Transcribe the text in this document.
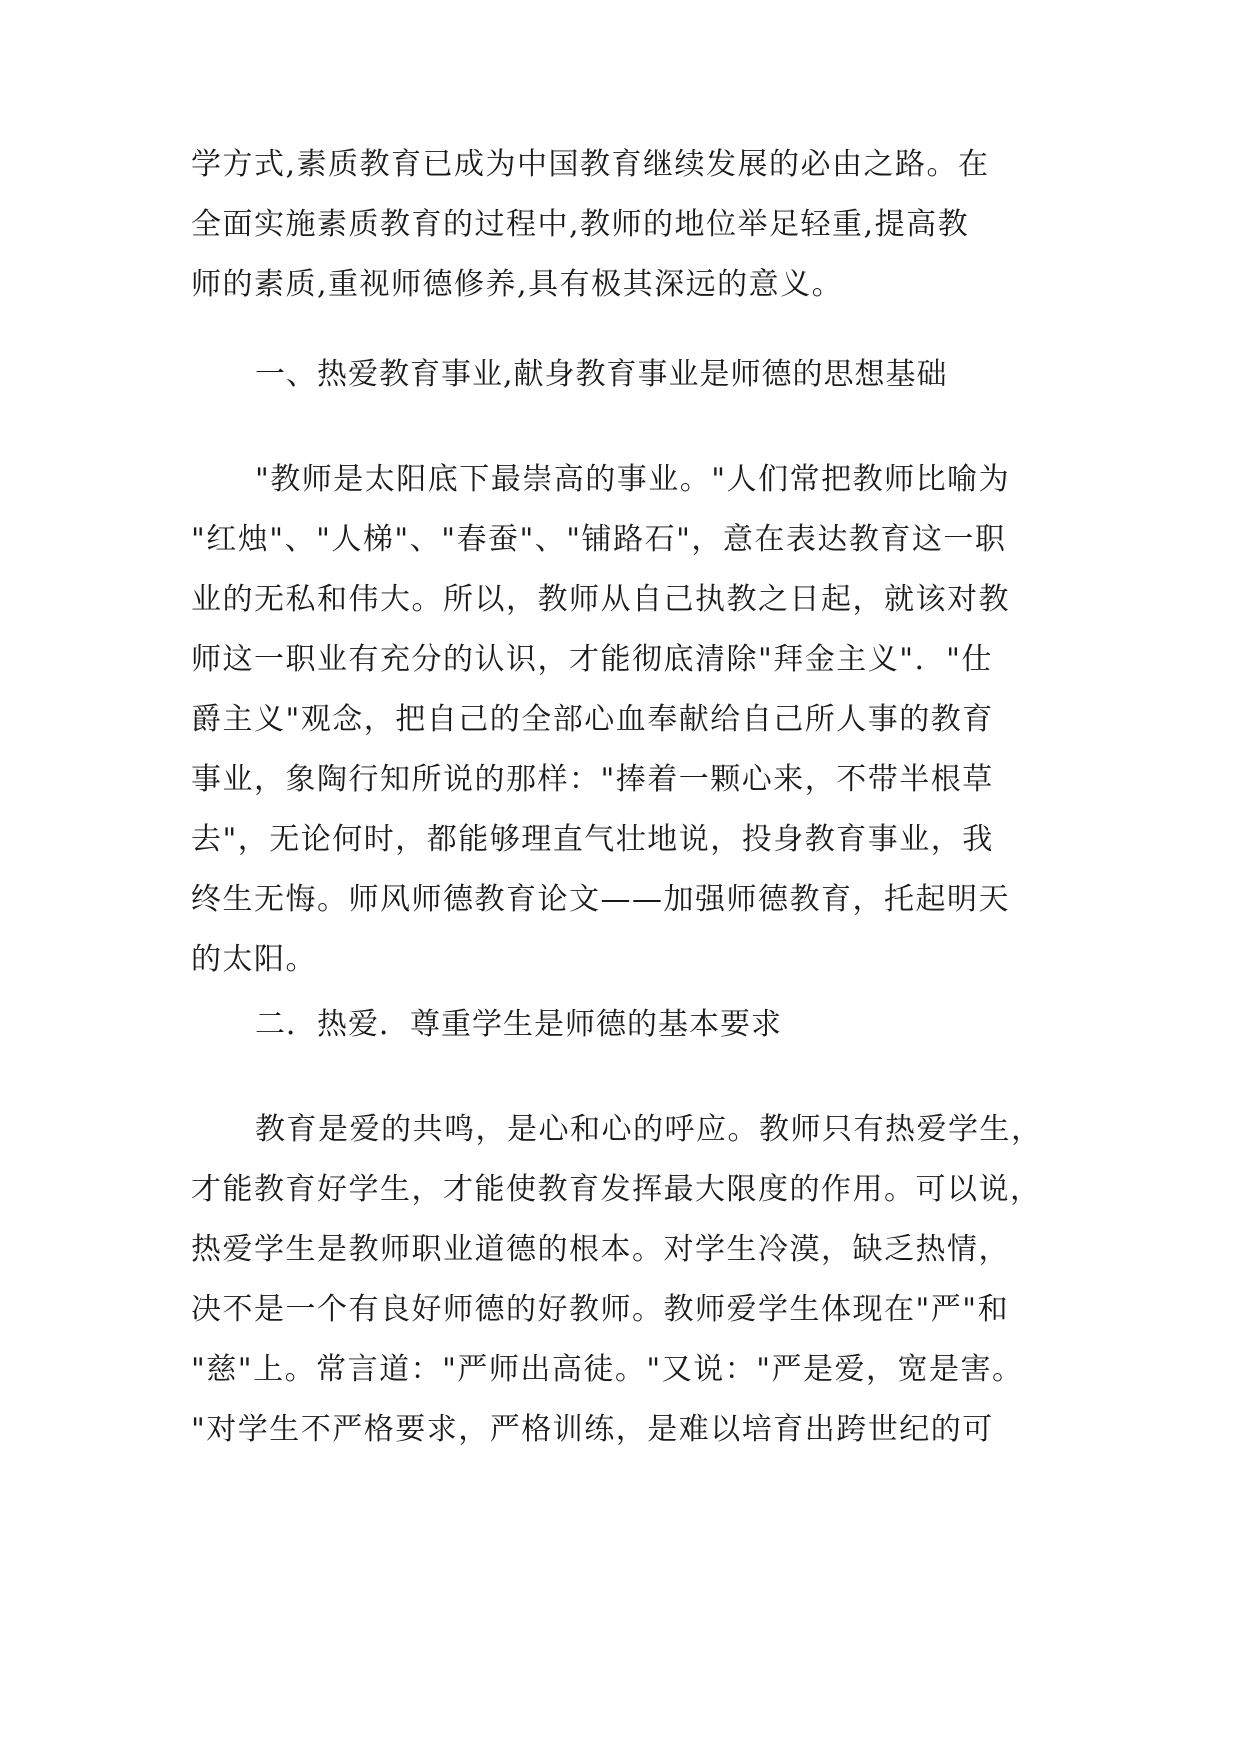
学方式,素质教育已成为中国教育继续发展的必由之路。在
全面实施素质教育的过程中,教师的地位举足轻重,提高教
师的素质,重视师德修养,具有极其深远的意义。
一、热爱教育事业,献身教育事业是师德的思想基础
"教师是太阳底下最崇高的事业。"人们常把教师比喻为
"红烛"、"人梯"、"春蚕"、"铺路石"，意在表达教育这一职
业的无私和伟大。所以，教师从自己执教之日起，就该对教
师这一职业有充分的认识，才能彻底清除"拜金主义"．"仕
爵主义"观念，把自己的全部心血奉献给自己所人事的教育
事业，象陶行知所说的那样："捧着一颗心来，不带半根草
去"，无论何时，都能够理直气壮地说，投身教育事业，我
终生无悔。师风师德教育论文——加强师德教育，托起明天
的太阳。
二．热爱．尊重学生是师德的基本要求
教育是爱的共鸣，是心和心的呼应。教师只有热爱学生，
才能教育好学生，才能使教育发挥最大限度的作用。可以说，
热爱学生是教师职业道德的根本。对学生冷漠，缺乏热情，
决不是一个有良好师德的好教师。教师爱学生体现在"严"和
"慈"上。常言道："严师出高徒。"又说："严是爱，宽是害。
"对学生不严格要求，严格训练，是难以培育出跨世纪的可
